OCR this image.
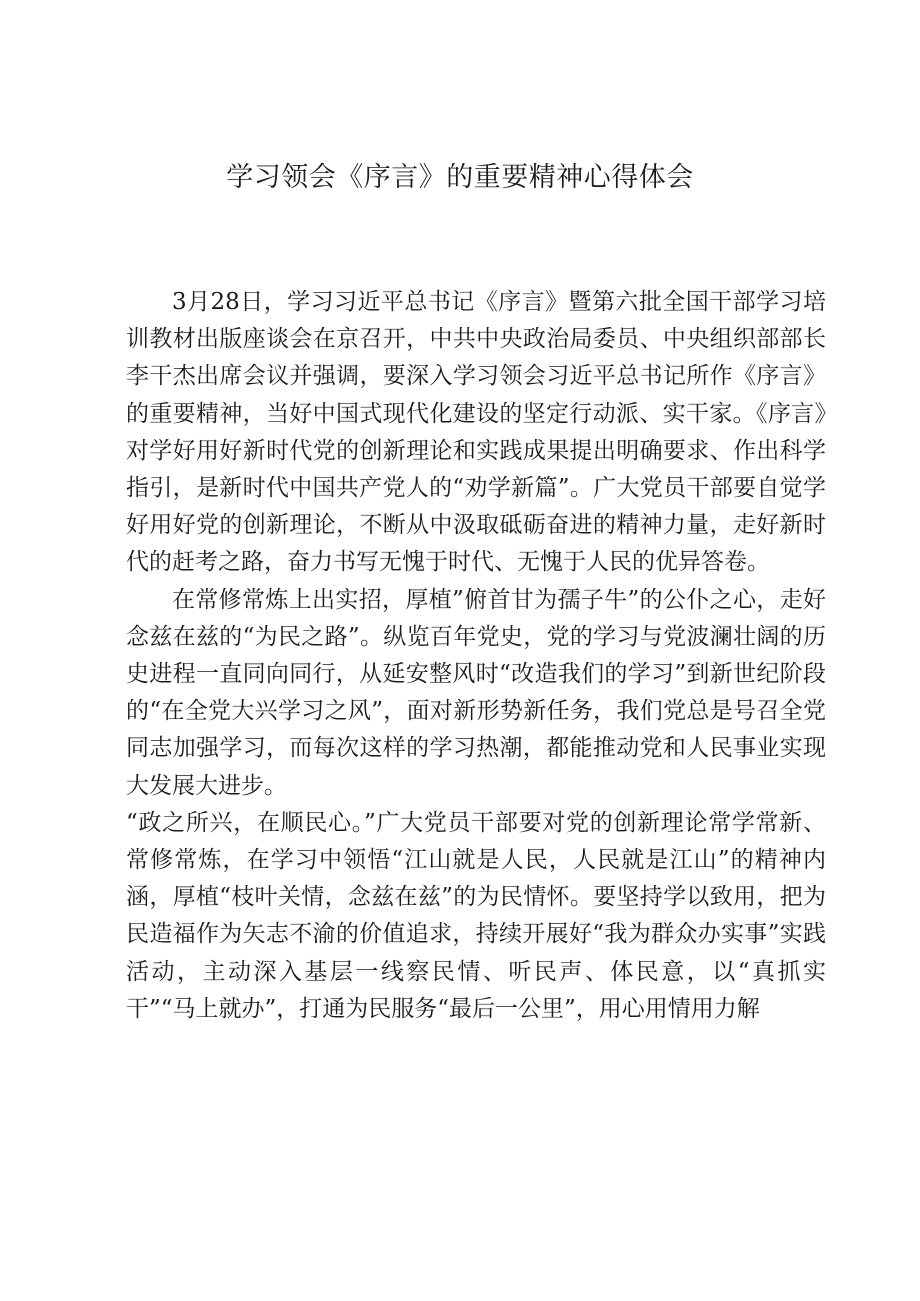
学习领会《序言》的重要精神心得体会

3月28日，学习习近平总书记《序言》暨第六批全国干部学习培训教材出版座谈会在京召开，中共中央政治局委员、中央组织部部长李干杰出席会议并强调，要深入学习领会习近平总书记所作《序言》的重要精神，当好中国式现代化建设的坚定行动派、实干家。《序言》对学好用好新时代党的创新理论和实践成果提出明确要求、作出科学指引，是新时代中国共产党人的“劝学新篇”。广大党员干部要自觉学好用好党的创新理论，不断从中汲取砥砺奋进的精神力量，走好新时代的赶考之路，奋力书写无愧于时代、无愧于人民的优异答卷。

在常修常炼上出实招，厚植”俯首甘为孺子牛”的公仆之心，走好念兹在兹的“为民之路”。纵览百年党史，党的学习与党波澜壮阔的历史进程一直同向同行，从延安整风时“改造我们的学习”到新世纪阶段的“在全党大兴学习之风”，面对新形势新任务，我们党总是号召全党同志加强学习，而每次这样的学习热潮，都能推动党和人民事业实现大发展大进步。

“政之所兴，在顺民心。”广大党员干部要对党的创新理论常学常新、常修常炼，在学习中领悟“江山就是人民，人民就是江山”的精神内涵，厚植“枝叶关情，念兹在兹”的为民情怀。要坚持学以致用，把为民造福作为矢志不渝的价值追求，持续开展好“我为群众办实事”实践活动，主动深入基层一线察民情、听民声、体民意，以“真抓实干”“马上就办”，打通为民服务“最后一公里”，用心用情用力解
